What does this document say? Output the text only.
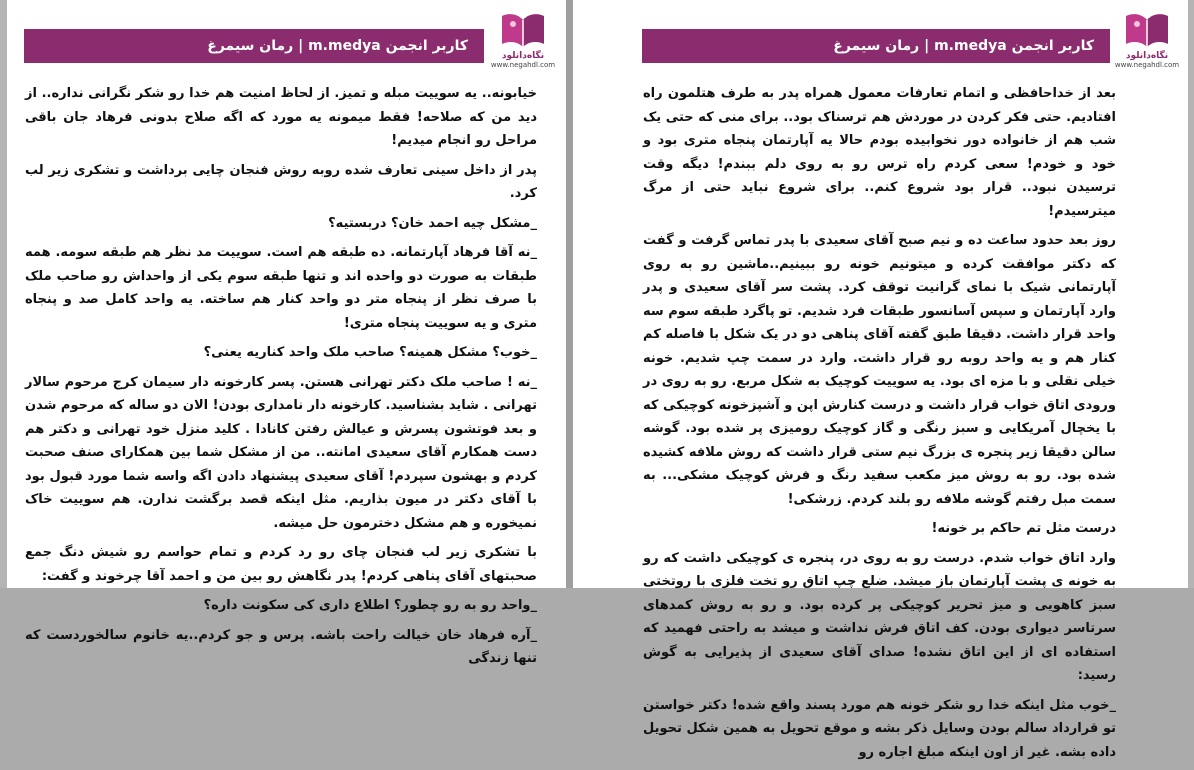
رمان سیمرغ | m.medya کاربر انجمن
نگاه‌دانلود
www.negahdl.com

خیابونه.. یه سوییت مبله و تمیز. از لحاظ امنیت هم خدا رو شکر نگرانی نداره.. از دید من که صلاحه! فقط میمونه یه مورد که اگه صلاح بدونی فرهاد جان باقی مراحل رو انجام میدیم!

پدر از داخل سینی تعارف شده روبه روش فنجان چایی برداشت و تشکری زیر لب کرد.

_مشکل چیه احمد خان؟ دربستیه؟

_نه آقا فرهاد آپارتمانه. ده طبقه هم است. سوییت مد نظر هم طبقه سومه. همه طبقات به صورت دو واحده اند و تنها طبقه سوم یکی از واحداش رو صاحب ملک با صرف نظر از پنجاه متر دو واحد کنار هم ساخته. یه واحد کامل صد و پنجاه متری و یه سوییت پنجاه متری!

_خوب؟ مشکل همینه؟ صاحب ملک واحد کناریه یعنی؟

_نه ! صاحب ملک دکتر تهرانی هستن. پسر کارخونه دار سیمان کرج مرحوم سالار تهرانی . شاید بشناسید. کارخونه دار نامداری بودن! الان دو ساله که مرحوم شدن و بعد فوتشون پسرش و عیالش رفتن کانادا . کلید منزل خود تهرانی و دکتر هم دست همکارم آقای سعیدی امانته.. من از مشکل شما بین همکارای صنف صحبت کردم و بهشون سپردم! آقای سعیدی پیشنهاد دادن اگه واسه شما مورد قبول بود با آقای دکتر در میون بذاریم. مثل اینکه قصد برگشت ندارن. هم سوییت خاک نمیخوره و هم مشکل دخترمون حل میشه.

با تشکری زیر لب فنجان چای رو رد کردم و تمام حواسم رو شیش دنگ جمع صحبتهای آقای پناهی کردم! پدر نگاهش رو بین من و احمد آقا چرخوند و گفت:

_واحد رو به رو چطور؟ اطلاع داری کی سکونت داره؟

_آره فرهاد خان خیالت راحت باشه. پرس و جو کردم..یه خانوم سالخوردست که تنها زندگی

رمان سیمرغ | m.medya کاربر انجمن
نگاه‌دانلود
www.negahdl.com

بعد از خداحافظی و اتمام تعارفات معمول همراه پدر به طرف هتلمون راه افتادیم. حتی فکر کردن در موردش هم ترسناک بود.. برای منی که حتی یک شب هم از خانواده دور نخوابیده بودم حالا یه آپارتمان پنجاه متری بود و خود و خودم! سعی کردم راه ترس رو به روی دلم ببندم! دیگه وقت ترسیدن نبود.. قرار بود شروع کنم.. برای شروع نباید حتی از مرگ میترسیدم!

روز بعد حدود ساعت ده و نیم صبح آقای سعیدی با پدر تماس گرفت و گفت که دکتر موافقت کرده و میتونیم خونه رو ببینیم..ماشین رو به روی آپارتمانی شیک با نمای گرانیت توقف کرد. پشت سر آقای سعیدی و پدر وارد آپارتمان و سپس آسانسور طبقات فرد شدیم. تو پاگرد طبقه سوم سه واحد قرار داشت. دقیقا طبق گفته آقای پناهی دو در یک شکل با فاصله کم کنار هم و یه واحد روبه رو قرار داشت. وارد در سمت چپ شدیم. خونه خیلی نقلی و با مزه ای بود. یه سوییت کوچیک به شکل مربع. رو به روی در ورودی اتاق خواب قرار داشت و درست کنارش اپن و آشپزخونه کوچیکی که با یخچال آمریکایی و سبز رنگی و گاز کوچیک رومیزی پر شده بود. گوشه سالن دقیقا زیر پنجره ی بزرگ نیم ستی قرار داشت که روش ملافه کشیده شده بود. رو به روش میز مکعب سفید رنگ و فرش کوچیک مشکی... به سمت مبل رفتم گوشه ملافه رو بلند کردم. زرشکی!

درست مثل تم حاکم بر خونه!

وارد اتاق خواب شدم. درست رو به روی در، پنجره ی کوچیکی داشت که رو به خونه ی پشت آپارتمان باز میشد. ضلع چپ اتاق رو تخت فلزی با روتختی سبز کاهویی و میز تحریر کوچیکی پر کرده بود. و رو به روش کمدهای سرتاسر دیواری بودن. کف اتاق فرش نداشت و میشد به راحتی فهمید که استفاده ای از این اتاق نشده! صدای آقای سعیدی از پذیرایی به گوش رسید:

_خوب مثل اینکه خدا رو شکر خونه هم مورد پسند واقع شده! دکتر خواستن تو قرارداد سالم بودن وسایل ذکر بشه و موقع تحویل به همین شکل تحویل داده بشه. غیر از اون اینکه مبلغ اجاره رو
